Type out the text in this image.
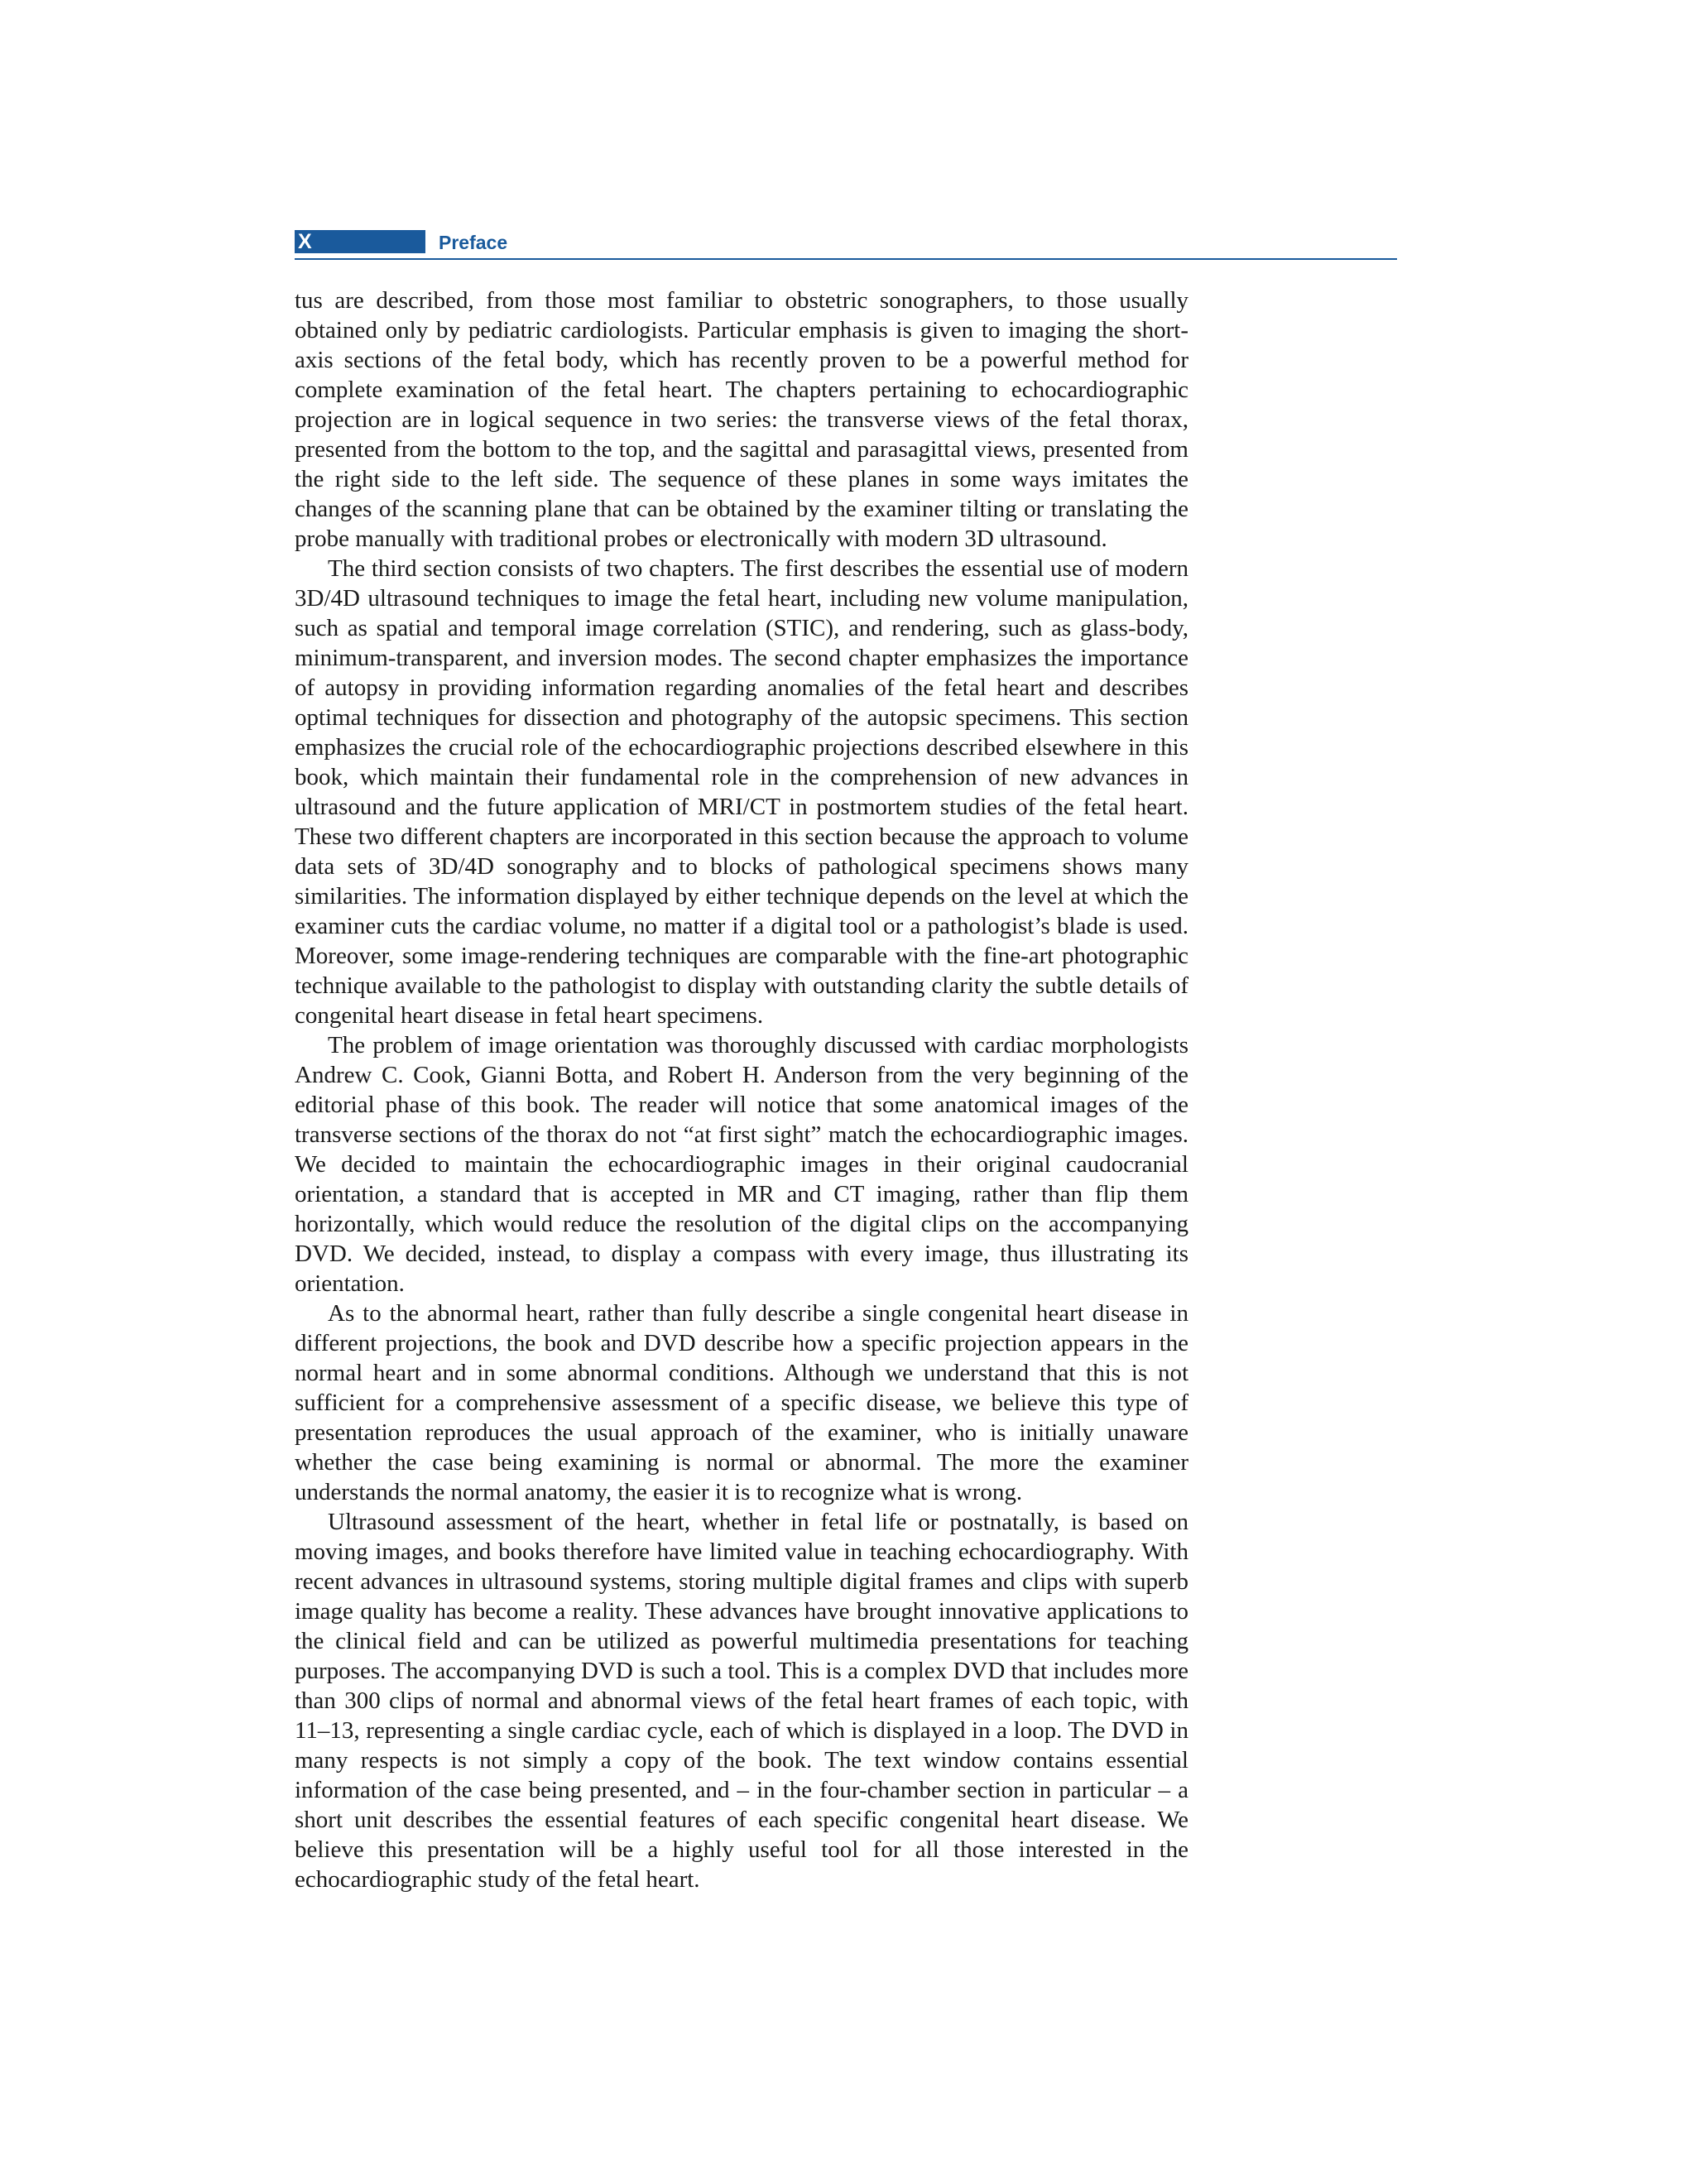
X	Preface

tus are described, from those most familiar to obstetric sonographers, to those usually obtained only by pediatric cardiologists. Particular emphasis is given to imaging the short-axis sections of the fetal body, which has recently proven to be a powerful method for complete examination of the fetal heart. The chapters pertaining to echocardiographic projection are in logical sequence in two series: the transverse views of the fetal thorax, presented from the bottom to the top, and the sagittal and parasagittal views, presented from the right side to the left side. The sequence of these planes in some ways imitates the changes of the scanning plane that can be obtained by the examiner tilting or translating the probe manually with traditional probes or electronically with modern 3D ultrasound.

The third section consists of two chapters. The first describes the essential use of modern 3D/4D ultrasound techniques to image the fetal heart, including new volume manipulation, such as spatial and temporal image correlation (STIC), and rendering, such as glass-body, minimum-transparent, and inversion modes. The second chapter emphasizes the importance of autopsy in providing information regarding anomalies of the fetal heart and describes optimal techniques for dissection and photography of the autopsic specimens. This section emphasizes the crucial role of the echocardiographic projections described elsewhere in this book, which maintain their fundamental role in the comprehension of new advances in ultrasound and the future application of MRI/CT in postmortem studies of the fetal heart. These two different chapters are incorporated in this section because the approach to volume data sets of 3D/4D sonography and to blocks of pathological specimens shows many similarities. The information displayed by either technique depends on the level at which the examiner cuts the cardiac volume, no matter if a digital tool or a pathologist’s blade is used. Moreover, some image-rendering techniques are comparable with the fine-art photographic technique available to the pathologist to display with outstanding clarity the subtle details of congenital heart disease in fetal heart specimens.

The problem of image orientation was thoroughly discussed with cardiac morphologists Andrew C. Cook, Gianni Botta, and Robert H. Anderson from the very beginning of the editorial phase of this book. The reader will notice that some anatomical images of the transverse sections of the thorax do not “at first sight” match the echocardiographic images. We decided to maintain the echocardiographic images in their original caudocranial orientation, a standard that is accepted in MR and CT imaging, rather than flip them horizontally, which would reduce the resolution of the digital clips on the accompanying DVD. We decided, instead, to display a compass with every image, thus illustrating its orientation.

As to the abnormal heart, rather than fully describe a single congenital heart disease in different projections, the book and DVD describe how a specific projection appears in the normal heart and in some abnormal conditions. Although we understand that this is not sufficient for a comprehensive assessment of a specific disease, we believe this type of presentation reproduces the usual approach of the examiner, who is initially unaware whether the case being examining is normal or abnormal. The more the examiner understands the normal anatomy, the easier it is to recognize what is wrong.

Ultrasound assessment of the heart, whether in fetal life or postnatally, is based on moving images, and books therefore have limited value in teaching echocardiography. With recent advances in ultrasound systems, storing multiple digital frames and clips with superb image quality has become a reality. These advances have brought innovative applications to the clinical field and can be utilized as powerful multimedia presentations for teaching purposes. The accompanying DVD is such a tool. This is a complex DVD that includes more than 300 clips of normal and abnormal views of the fetal heart frames of each topic, with 11–13, representing a single cardiac cycle, each of which is displayed in a loop. The DVD in many respects is not simply a copy of the book. The text window contains essential information of the case being presented, and – in the four-chamber section in particular – a short unit describes the essential features of each specific congenital heart disease. We believe this presentation will be a highly useful tool for all those interested in the echocardiographic study of the fetal heart.
